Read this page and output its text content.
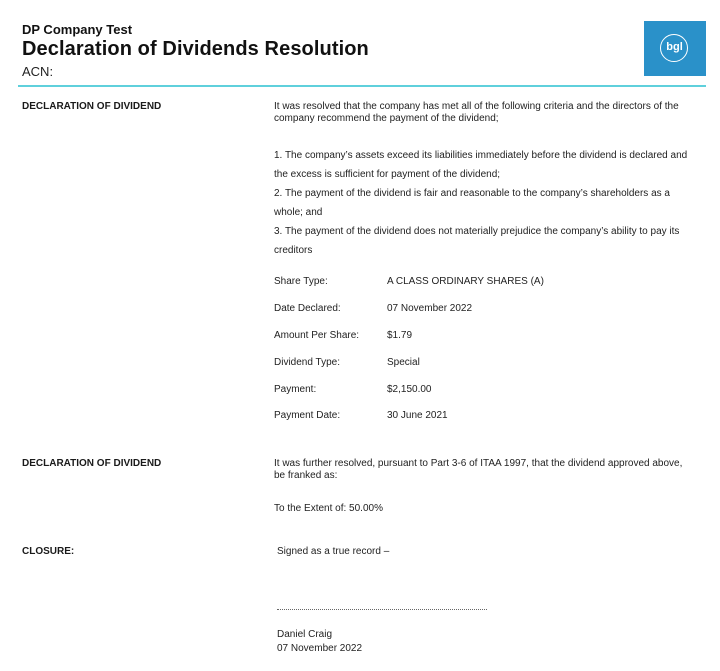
DP Company Test
Declaration of Dividends Resolution
ACN:
bgl
DECLARATION OF DIVIDEND	It was resolved that the company has met all of the following criteria and the directors of the company recommend the payment of the dividend;

1. The company’s assets exceed its liabilities immediately before the dividend is declared and the excess is sufficient for payment of the dividend;
2. The payment of the dividend is fair and reasonable to the company’s shareholders as a whole; and
3. The payment of the dividend does not materially prejudice the company’s ability to pay its creditors
Share Type:	A CLASS ORDINARY SHARES (A)
Date Declared:	07 November 2022
Amount Per Share:	$1.79
Dividend Type:	Special
Payment:	$2,150.00
Payment Date:	30 June 2021
DECLARATION OF DIVIDEND	It was further resolved, pursuant to Part 3-6 of ITAA 1997, that the dividend approved above, be franked as:
To the Extent of: 50.00%
CLOSURE:	Signed as a true record –
Daniel Craig
07 November 2022
